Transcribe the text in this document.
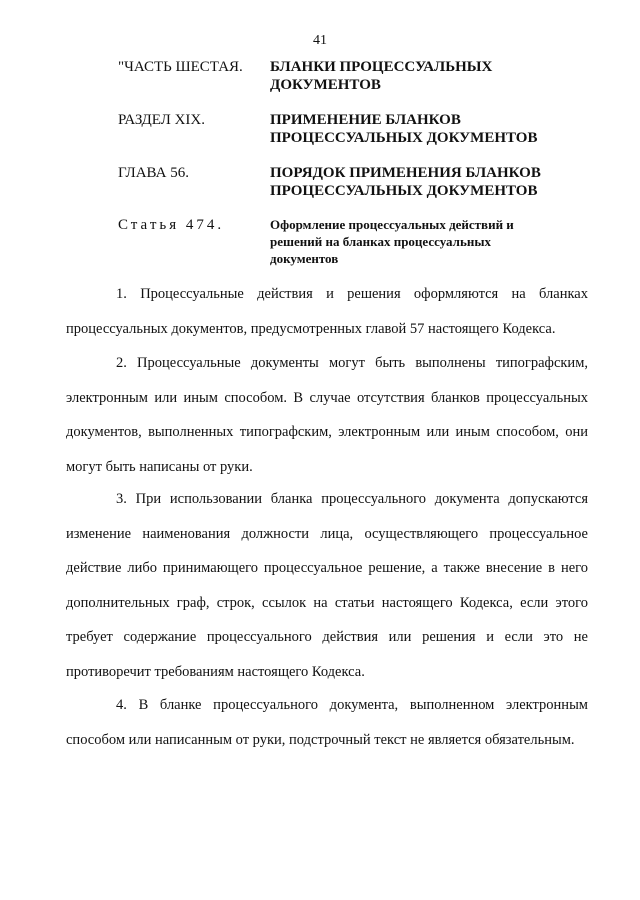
41
"ЧАСТЬ ШЕСТАЯ. БЛАНКИ ПРОЦЕССУАЛЬНЫХ ДОКУМЕНТОВ
РАЗДЕЛ XIX.	ПРИМЕНЕНИЕ БЛАНКОВ ПРОЦЕССУАЛЬНЫХ ДОКУМЕНТОВ
ГЛАВА 56.	ПОРЯДОК ПРИМЕНЕНИЯ БЛАНКОВ ПРОЦЕССУАЛЬНЫХ ДОКУМЕНТОВ
Статья 474.	Оформление процессуальных действий и решений на бланках процессуальных документов

1. Процессуальные действия и решения оформляются на бланках процессуальных документов, предусмотренных главой 57 настоящего Кодекса.

2. Процессуальные документы могут быть выполнены типографским, электронным или иным способом. В случае отсутствия бланков процессуальных документов, выполненных типографским, электронным или иным способом, они могут быть написаны от руки.

3. При использовании бланка процессуального документа допускаются изменение наименования должности лица, осуществляющего процессуальное действие либо принимающего процессуальное решение, а также внесение в него дополнительных граф, строк, ссылок на статьи настоящего Кодекса, если этого требует содержание процессуального действия или решения и если это не противоречит требованиям настоящего Кодекса.

4. В бланке процессуального документа, выполненном электронным способом или написанным от руки, подстрочный текст не является обязательным.
